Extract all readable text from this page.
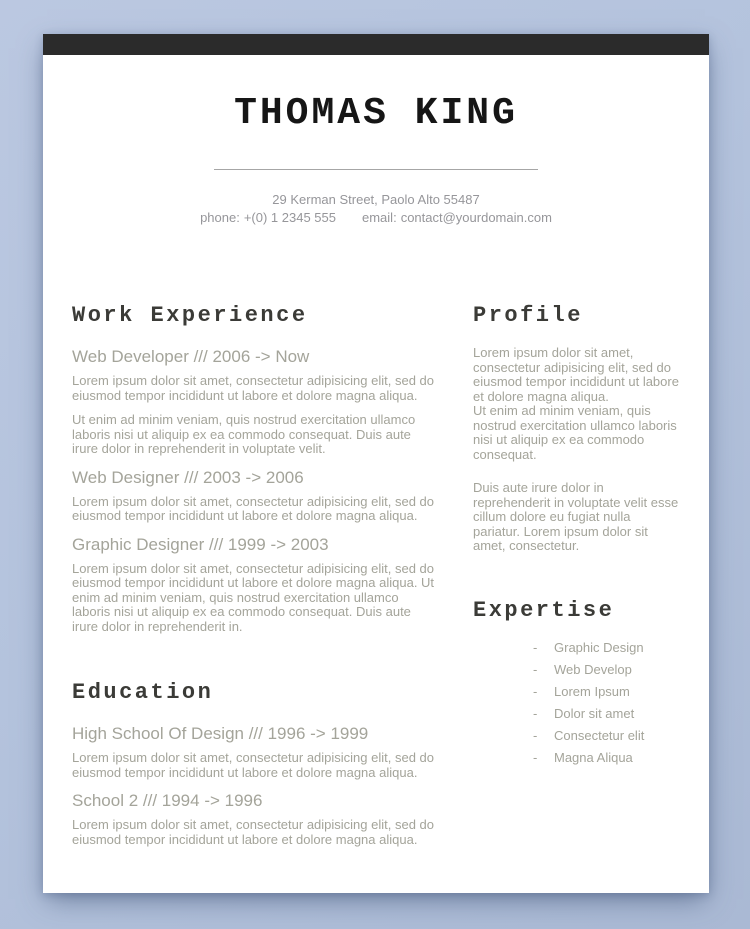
THOMAS KING
29 Kerman Street, Paolo Alto 55487
phone: +(0) 1 2345 555 email: contact@yourdomain.com
Work Experience
Web Developer /// 2006 -> Now

Lorem ipsum dolor sit amet, consectetur adipisicing elit, sed do eiusmod tempor incididunt ut labore et dolore magna aliqua.

Ut enim ad minim veniam, quis nostrud exercitation ullamco laboris nisi ut aliquip ex ea commodo consequat. Duis aute irure dolor in reprehenderit in voluptate velit.

Web Designer /// 2003 -> 2006

Lorem ipsum dolor sit amet, consectetur adipisicing elit, sed do eiusmod tempor incididunt ut labore et dolore magna aliqua.

Graphic Designer /// 1999 -> 2003

Lorem ipsum dolor sit amet, consectetur adipisicing elit, sed do eiusmod tempor incididunt ut labore et dolore magna aliqua. Ut enim ad minim veniam, quis nostrud exercitation ullamco laboris nisi ut aliquip ex ea commodo consequat. Duis aute irure dolor in reprehenderit in.

Education
High School Of Design /// 1996 -> 1999

Lorem ipsum dolor sit amet, consectetur adipisicing elit, sed do eiusmod tempor incididunt ut labore et dolore magna aliqua.

School 2 /// 1994 -> 1996

Lorem ipsum dolor sit amet, consectetur adipisicing elit, sed do eiusmod tempor incididunt ut labore et dolore magna aliqua.

Profile

Lorem ipsum dolor sit amet, consectetur adipisicing elit, sed do eiusmod tempor incididunt ut labore et dolore magna aliqua.

Ut enim ad minim veniam, quis nostrud exercitation ullamco laboris nisi ut aliquip ex ea commodo consequat.

Duis aute irure dolor in reprehenderit in voluptate velit esse cillum dolore eu fugiat nulla pariatur. Lorem ipsum dolor sit amet, consectetur.

Expertise
-	Graphic Design
-	Web Develop
-	Lorem Ipsum
-	Dolor sit amet
-	Consectetur elit
-	Magna Aliqua
